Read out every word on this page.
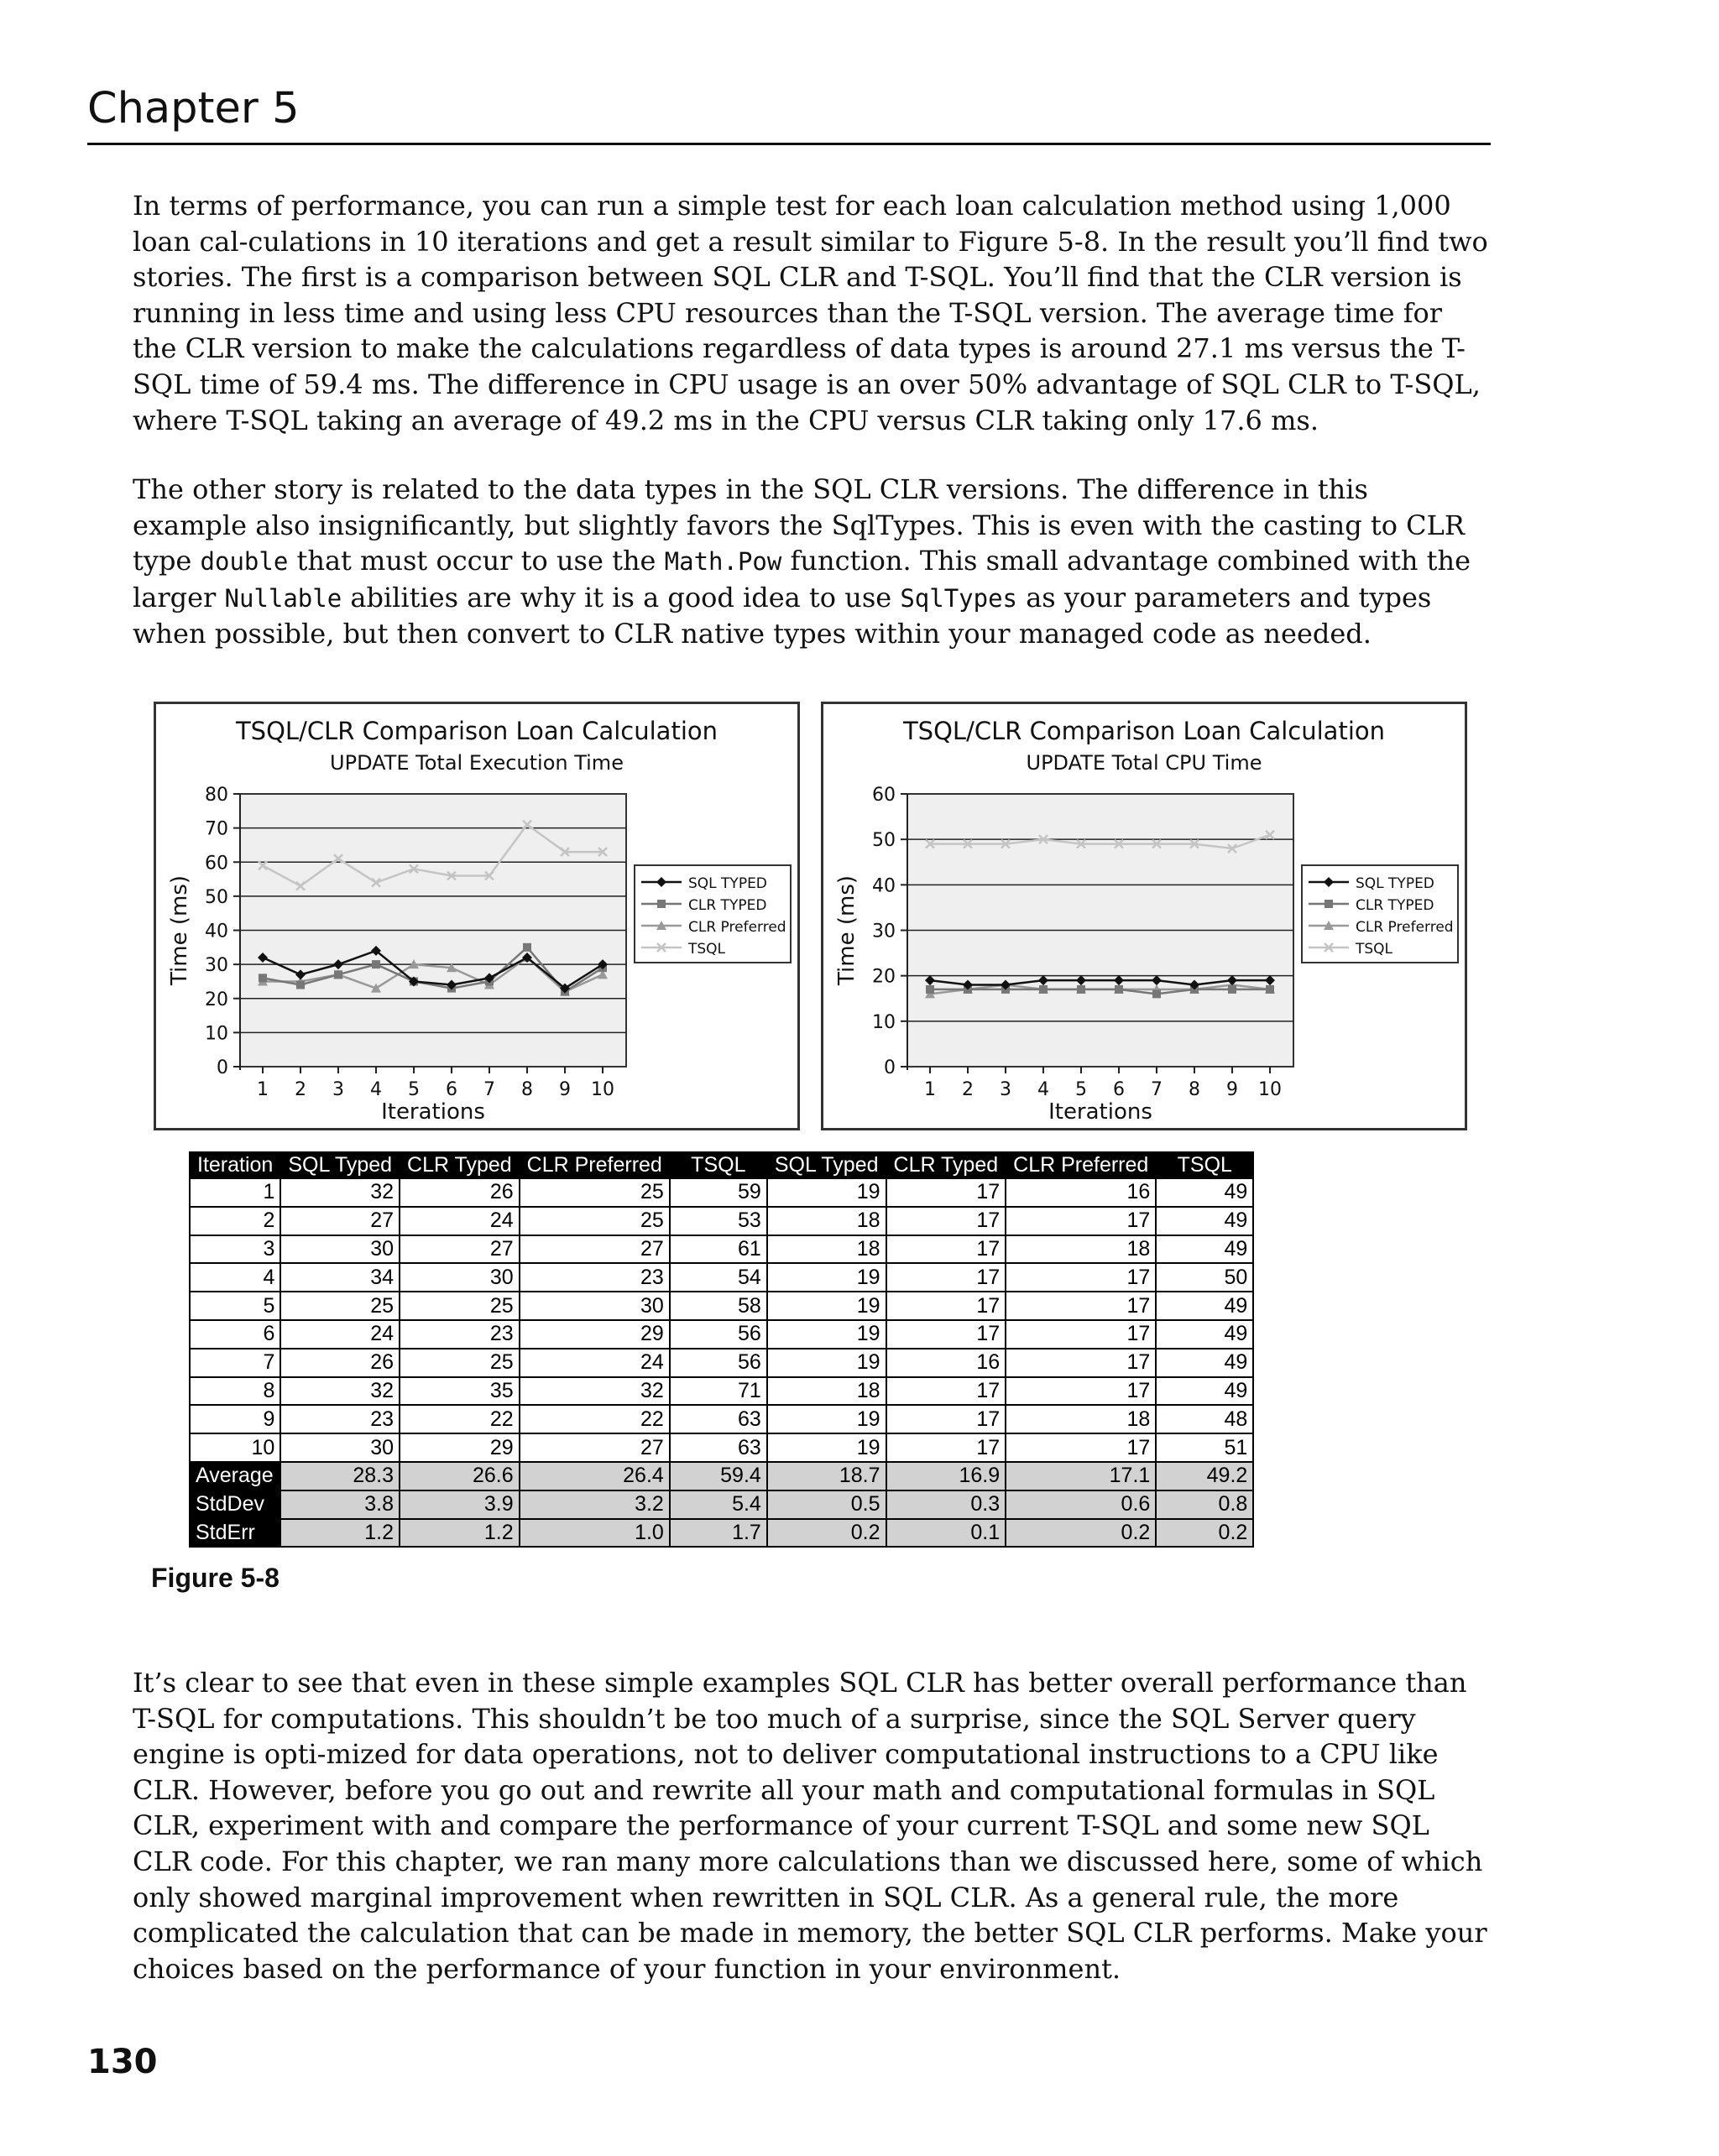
Chapter 5

In terms of performance, you can run a simple test for each loan calculation method using 1,000 loan cal-culations in 10 iterations and get a result similar to Figure 5-8. In the result you’ll find two stories. The first is a comparison between SQL CLR and T-SQL. You’ll find that the CLR version is running in less time and using less CPU resources than the T-SQL version. The average time for the CLR version to make the calculations regardless of data types is around 27.1 ms versus the T-SQL time of 59.4 ms. The difference in CPU usage is an over 50% advantage of SQL CLR to T-SQL, where T-SQL taking an average of 49.2 ms in the CPU versus CLR taking only 17.6 ms.

The other story is related to the data types in the SQL CLR versions. The difference in this example also insignificantly, but slightly favors the SqlTypes. This is even with the casting to CLR type double that must occur to use the Math.Pow function. This small advantage combined with the larger Nullable abilities are why it is a good idea to use SqlTypes as your parameters and types when possible, but then convert to CLR native types within your managed code as needed.

TSQL/CLR Comparison Loan Calculation
UPDATE Total Execution Time
0
10
20
30
40
50
60
70
80
1 2 3 4 5 6 7 8 9 10
Iterations
Time (ms)	SQL TYPED
CLR TYPED
CLR Preferred
TSQL
TSQL/CLR Comparison Loan Calculation
UPDATE Total CPU Time
0
10
20
30
40
50
60
1 2 3 4 5 6 7 8 9 10
Iterations
Time (ms)	SQL TYPED
CLR TYPED
CLR Preferred
TSQL
Iteration	SQL Typed	CLR Typed	CLR Preferred	TSQL	SQL Typed	CLR Typed	CLR Preferred	TSQL
1	32	26	25	59	19	17	16	49
2	27	24	25	53	18	17	17	49
3	30	27	27	61	18	17	18	49
4	34	30	23	54	19	17	17	50
5	25	25	30	58	19	17	17	49
6	24	23	29	56	19	17	17	49
7	26	25	24	56	19	16	17	49
8	32	35	32	71	18	17	17	49
9	23	22	22	63	19	17	18	48
10	30	29	27	63	19	17	17	51
Average	28.3	26.6	26.4	59.4	18.7	16.9	17.1	49.2
StdDev	3.8	3.9	3.2	5.4	0.5	0.3	0.6	0.8
StdErr	1.2	1.2	1.0	1.7	0.2	0.1	0.2	0.2
Figure 5-8

It’s clear to see that even in these simple examples SQL CLR has better overall performance than T-SQL for computations. This shouldn’t be too much of a surprise, since the SQL Server query engine is opti-mized for data operations, not to deliver computational instructions to a CPU like CLR. However, before you go out and rewrite all your math and computational formulas in SQL CLR, experiment with and compare the performance of your current T-SQL and some new SQL CLR code. For this chapter, we ran many more calculations than we discussed here, some of which only showed marginal improvement when rewritten in SQL CLR. As a general rule, the more complicated the calculation that can be made in memory, the better SQL CLR performs. Make your choices based on the performance of your function in your environment.

130
